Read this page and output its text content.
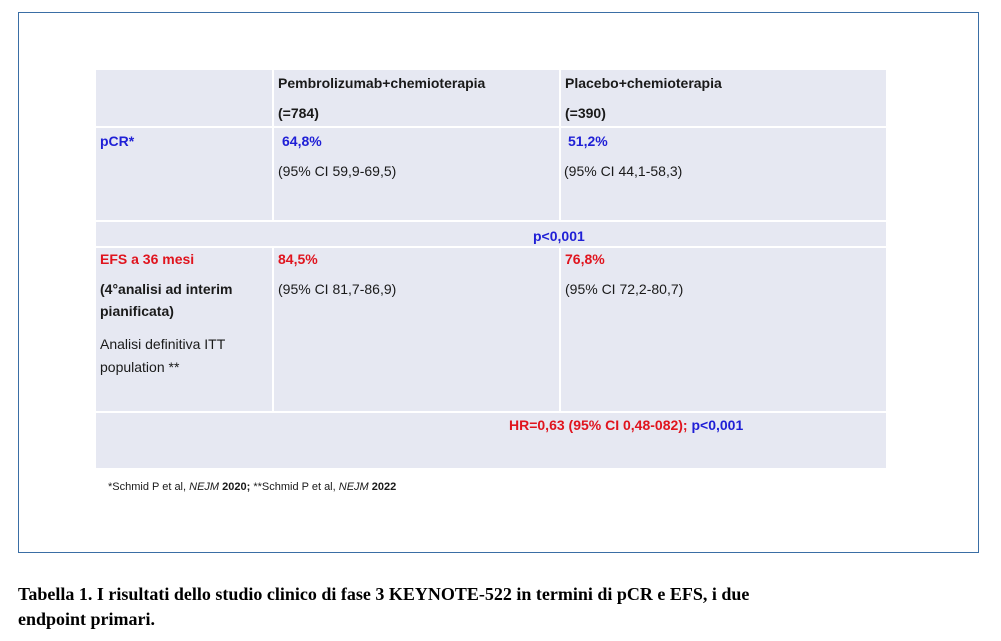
Pembrolizumab+chemioterapia
(=784)
Placebo+chemioterapia
(=390)
pCR*	64,8%
(95% CI 59,9-69,5)
51,2%
(95% CI 44,1-58,3)
p<0,001
EFS a 36 mesi
(4°analisi ad interim
pianificata)
Analisi definitiva ITT
population **
84,5%
(95% CI 81,7-86,9)
76,8%
(95% CI 72,2-80,7)
HR=0,63 (95% CI 0,48-082); p<0,001
*Schmid P et al, NEJM 2020; **Schmid P et al, NEJM 2022
Tabella 1. I risultati dello studio clinico di fase 3 KEYNOTE-522 in termini di pCR e EFS, i due
endpoint primari.
